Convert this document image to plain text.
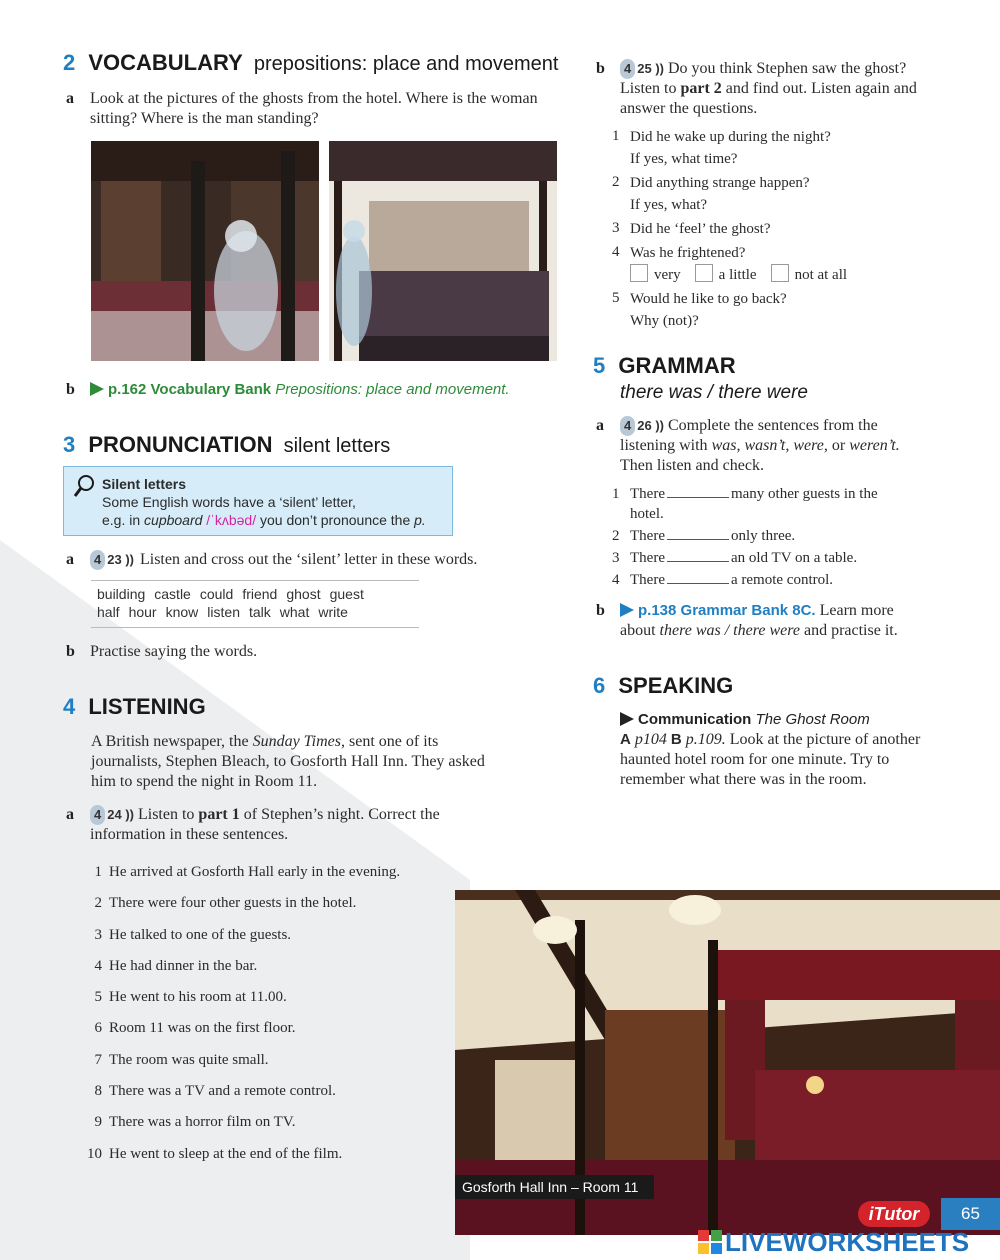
2 VOCABULARY prepositions: place and movement
a	Look at the pictures of the ghosts from the hotel. Where is the woman sitting? Where is the man standing?
b	p.162 Vocabulary Bank Prepositions: place and movement.
3 PRONUNCIATION silent letters
Silent letters
Some English words have a ‘silent’ letter,
e.g. in cupboard /ˈkʌbəd/ you don’t pronounce the p.
a	4 23 )) Listen and cross out the ‘silent’ letter in these words.
building castle could friend ghost guest
half hour know listen talk what write
b Practise saying the words.
4 LISTENING
A British newspaper, the Sunday Times, sent one of its journalists, Stephen Bleach, to Gosforth Hall Inn. They asked him to spend the night in Room 11.
a	4 24 )) Listen to part 1 of Stephen’s night. Correct the information in these sentences.
1 He arrived at Gosforth Hall early in the evening.
2 There were four other guests in the hotel.
3 He talked to one of the guests.
4 He had dinner in the bar.
5 He went to his room at 11.00.
6 Room 11 was on the first floor.
7 The room was quite small.
8 There was a TV and a remote control.
9 There was a horror film on TV.
10 He went to sleep at the end of the film.
b	4 25 )) Do you think Stephen saw the ghost? Listen to part 2 and find out. Listen again and answer the questions.
1 Did he wake up during the night?
If yes, what time?
2 Did anything strange happen?
If yes, what?
3 Did he ‘feel’ the ghost?
4 Was he frightened?
very	a little	not at all
5 Would he like to go back?
Why (not)?
5 GRAMMAR
there was / there were
a	4 26 )) Complete the sentences from the listening with was, wasn’t, were, or weren’t. Then listen and check.
1 There	many other guests in the
hotel.
2 There	only three.
3 There	an old TV on a table.
4 There	a remote control.
b	p.138 Grammar Bank 8C. Learn more about there was / there were and practise it.
6 SPEAKING
Communication The Ghost Room
A p104 B p.109. Look at the picture of another haunted hotel room for one minute. Try to remember what there was in the room.
Gosforth Hall Inn – Room 11
iTutor	65
LIVEWORKSHEETS
